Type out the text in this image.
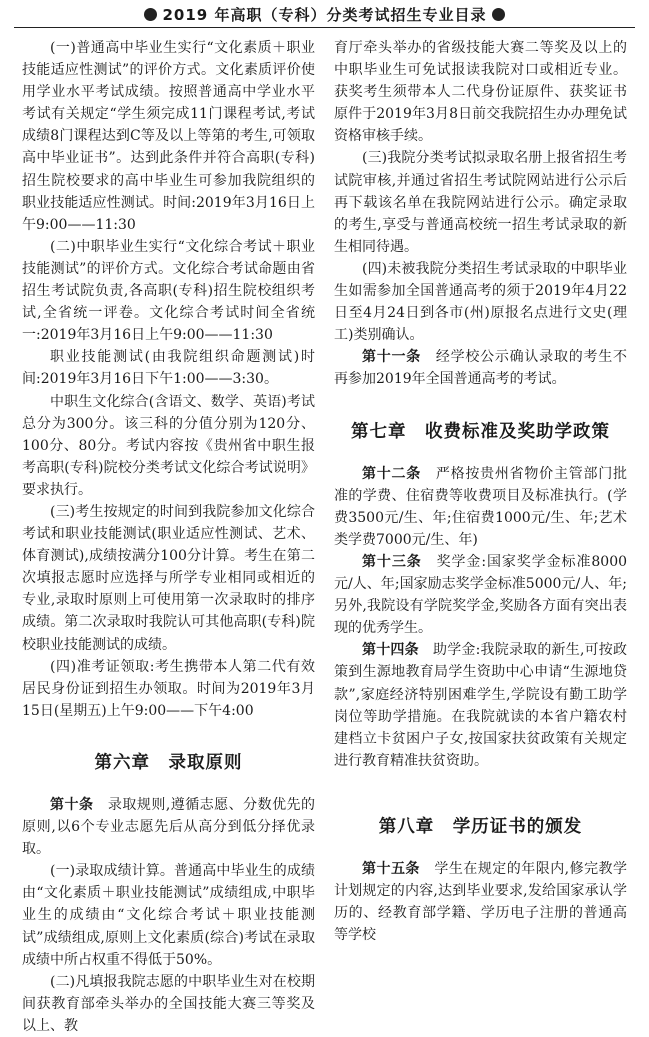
2019 年高职（专科）分类考试招生专业目录

(一)普通高中毕业生实行“文化素质＋职业技能适应性测试”的评价方式。文化素质评价使用学业水平考试成绩。按照普通高中学业水平考试有关规定“学生须完成11门课程考试,考试成绩8门课程达到C等及以上等第的考生,可领取高中毕业证书”。达到此条件并符合高职(专科)招生院校要求的高中毕业生可参加我院组织的职业技能适应性测试。时间:2019年3月16日上午9:00——11:30

(二)中职毕业生实行“文化综合考试＋职业技能测试”的评价方式。文化综合考试命题由省招生考试院负责,各高职(专科)招生院校组织考试,全省统一评卷。文化综合考试时间全省统一:2019年3月16日上午9:00——11:30

职业技能测试(由我院组织命题测试)时间:2019年3月16日下午1:00——3:30。

中职生文化综合(含语文、数学、英语)考试总分为300分。该三科的分值分别为120分、100分、80分。考试内容按《贵州省中职生报考高职(专科)院校分类考试文化综合考试说明》要求执行。

(三)考生按规定的时间到我院参加文化综合考试和职业技能测试(职业适应性测试、艺术、体育测试),成绩按满分100分计算。考生在第二次填报志愿时应选择与所学专业相同或相近的专业,录取时原则上可使用第一次录取时的排序成绩。第二次录取时我院认可其他高职(专科)院校职业技能测试的成绩。

(四)准考证领取:考生携带本人第二代有效居民身份证到招生办领取。时间为2019年3月15日(星期五)上午9:00——下午4:00

第六章　录取原则

第十条　 录取规则,遵循志愿、分数优先的原则,以6个专业志愿先后从高分到低分择优录取。

(一)录取成绩计算。普通高中毕业生的成绩由“文化素质＋职业技能测试”成绩组成,中职毕业生的成绩由“文化综合考试＋职业技能测试”成绩组成,原则上文化素质(综合)考试在录取成绩中所占权重不得低于50%。

(二)凡填报我院志愿的中职毕业生对在校期间获教育部牵头举办的全国技能大赛三等奖及以上、教

育厅牵头举办的省级技能大赛二等奖及以上的中职毕业生可免试报读我院对口或相近专业。获奖考生须带本人二代身份证原件、获奖证书原件于2019年3月8日前交我院招生办办理免试资格审核手续。

(三)我院分类考试拟录取名册上报省招生考试院审核,并通过省招生考试院网站进行公示后再下载该名单在我院网站进行公示。确定录取的考生,享受与普通高校统一招生考试录取的新生相同待遇。

(四)未被我院分类招生考试录取的中职毕业生如需参加全国普通高考的须于2019年4月22日至4月24日到各市(州)原报名点进行文史(理工)类别确认。

第十一条　 经学校公示确认录取的考生不再参加2019年全国普通高考的考试。

第七章　收费标准及奖助学政策

第十二条　 严格按贵州省物价主管部门批准的学费、住宿费等收费项目及标准执行。(学费3500元/生、年;住宿费1000元/生、年;艺术类学费7000元/生、年)

第十三条　 奖学金:国家奖学金标准8000元/人、年;国家励志奖学金标准5000元/人、年;另外,我院设有学院奖学金,奖励各方面有突出表现的优秀学生。

第十四条　 助学金:我院录取的新生,可按政策到生源地教育局学生资助中心申请“生源地贷款”,家庭经济特别困难学生,学院设有勤工助学岗位等助学措施。在我院就读的本省户籍农村建档立卡贫困户子女,按国家扶贫政策有关规定进行教育精准扶贫资助。

第八章　学历证书的颁发

第十五条　 学生在规定的年限内,修完教学计划规定的内容,达到毕业要求,发给国家承认学历的、经教育部学籍、学历电子注册的普通高等学校
